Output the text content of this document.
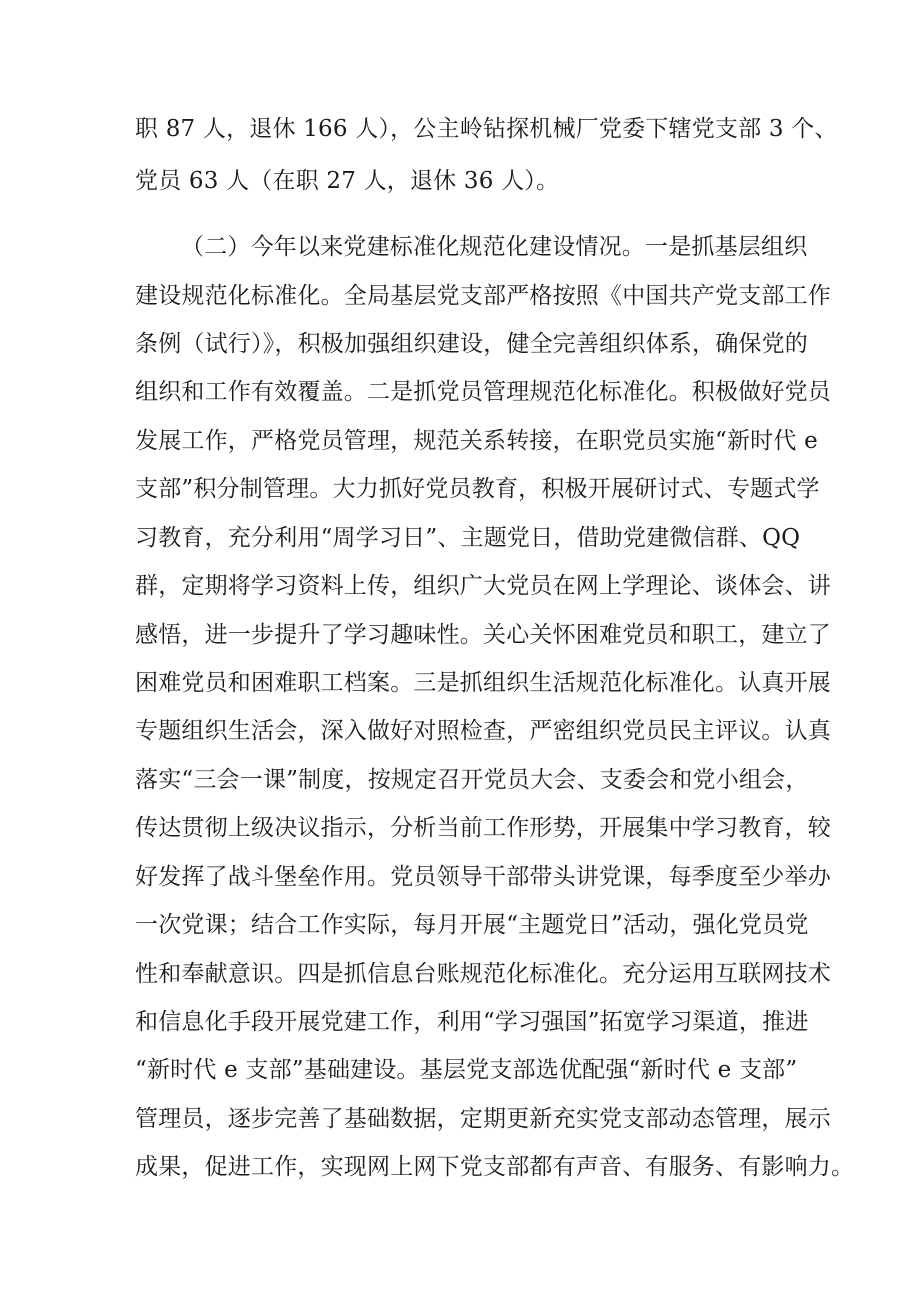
职 87 人，退休 166 人），公主岭钻探机械厂党委下辖党支部 3 个、
党员 63 人（在职 27 人，退休 36 人）。
（二）今年以来党建标准化规范化建设情况。一是抓基层组织
建设规范化标准化。全局基层党支部严格按照《中国共产党支部工作
条例（试行）》，积极加强组织建设，健全完善组织体系，确保党的
组织和工作有效覆盖。二是抓党员管理规范化标准化。积极做好党员
发展工作，严格党员管理，规范关系转接，在职党员实施“新时代 e
支部”积分制管理。大力抓好党员教育，积极开展研讨式、专题式学
习教育，充分利用“周学习日”、主题党日，借助党建微信群、QQ
群，定期将学习资料上传，组织广大党员在网上学理论、谈体会、讲
感悟，进一步提升了学习趣味性。关心关怀困难党员和职工，建立了
困难党员和困难职工档案。三是抓组织生活规范化标准化。认真开展
专题组织生活会，深入做好对照检查，严密组织党员民主评议。认真
落实“三会一课”制度，按规定召开党员大会、支委会和党小组会，
传达贯彻上级决议指示，分析当前工作形势，开展集中学习教育，较
好发挥了战斗堡垒作用。党员领导干部带头讲党课，每季度至少举办
一次党课；结合工作实际，每月开展“主题党日”活动，强化党员党
性和奉献意识。四是抓信息台账规范化标准化。充分运用互联网技术
和信息化手段开展党建工作，利用“学习强国”拓宽学习渠道，推进
“新时代 e 支部”基础建设。基层党支部选优配强“新时代 e 支部”
管理员，逐步完善了基础数据，定期更新充实党支部动态管理，展示
成果，促进工作，实现网上网下党支部都有声音、有服务、有影响力。
